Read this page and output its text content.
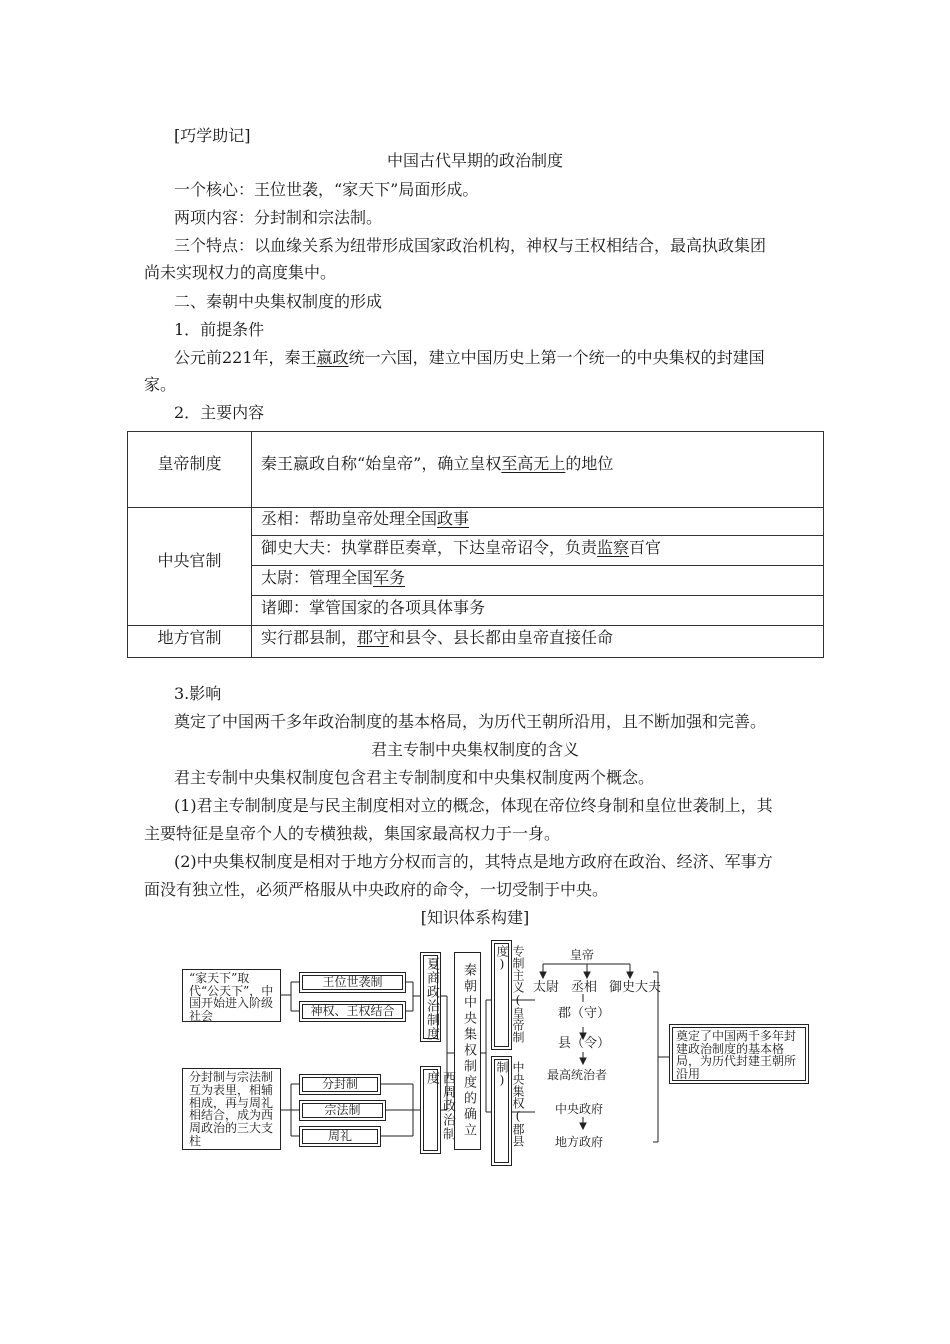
[巧学助记]
中国古代早期的政治制度
一个核心：王位世袭，“家天下”局面形成。
两项内容：分封制和宗法制。
三个特点：以血缘关系为纽带形成国家政治机构，神权与王权相结合，最高执政集团
尚未实现权力的高度集中。
二、秦朝中央集权制度的形成
1．前提条件
公元前221年，秦王嬴政统一六国，建立中国历史上第一个统一的中央集权的封建国
家。
2．主要内容
皇帝制度	秦王嬴政自称“始皇帝”，确立皇权至高无上的地位
中央官制
丞相：帮助皇帝处理全国政事
御史大夫：执掌群臣奏章，下达皇帝诏令，负责监察百官
太尉：管理全国军务
诸卿：掌管国家的各项具体事务
地方官制	实行郡县制，郡守和县令、县长都由皇帝直接任命
3.影响
奠定了中国两千多年政治制度的基本格局，为历代王朝所沿用，且不断加强和完善。
君主专制中央集权制度的含义
君主专制中央集权制度包含君主专制制度和中央集权制度两个概念。
(1)君主专制制度是与民主制度相对立的概念，体现在帝位终身制和皇位世袭制上，其
主要特征是皇帝个人的专横独裁，集国家最高权力于一身。
(2)中央集权制度是相对于地方分权而言的，其特点是地方政府在政治、经济、军事方
面没有独立性，必须严格服从中央政府的命令，一切受制于中央。
[知识体系构建]
“家天下”取代“公天下”，中国开始进入阶级社会
王位世袭制
神权、王权结合
分封制与宗法制互为表里，相辅相成，再与周礼相结合，成为西周政治的三大支柱
分封制
宗法制
周礼
夏商政治制度
西周政治制度	秦朝中央集权制度的确立	专制主义(皇帝制度)
中央集权(郡县制)
皇帝
太尉 丞相 御史大夫
郡（守）
县（令）
最高统治者
中央政府
地方政府
奠定了中国两千多年封建政治制度的基本格局，为历代封建王朝所沿用
